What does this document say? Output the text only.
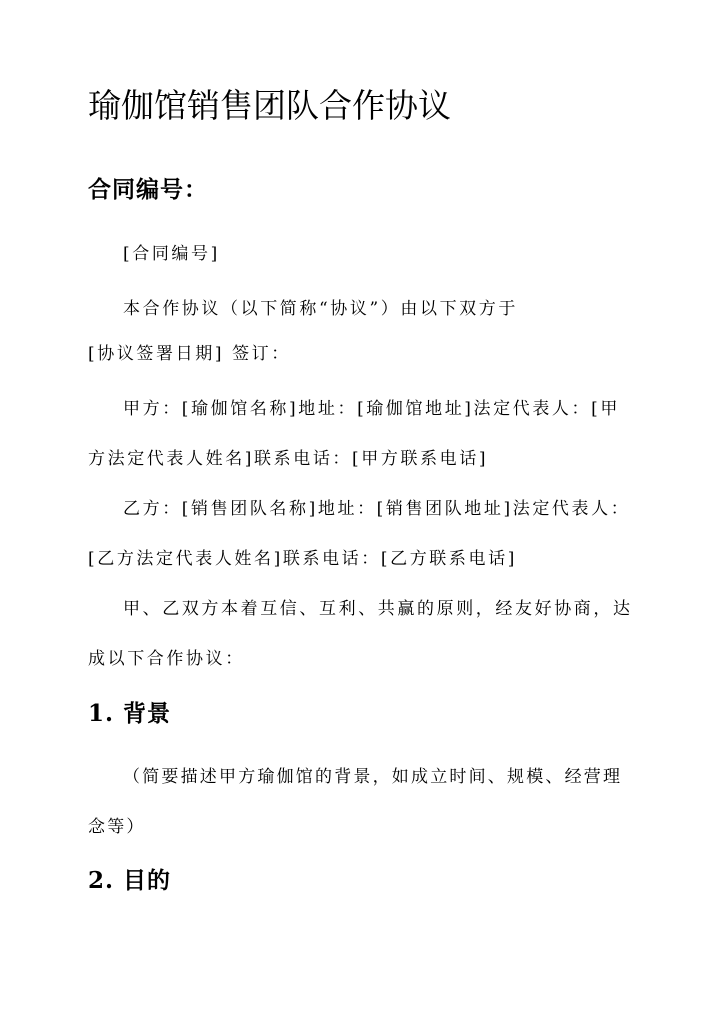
瑜伽馆销售团队合作协议
合同编号：
[合同编号]
本合作协议（以下简称“协议”）由以下双方于
[协议签署日期] 签订：
甲方：[瑜伽馆名称]地址：[瑜伽馆地址]法定代表人：[甲方法定代表人姓名]联系电话：[甲方联系电话]
乙方：[销售团队名称]地址：[销售团队地址]法定代表人：[乙方法定代表人姓名]联系电话：[乙方联系电话]
甲、乙双方本着互信、互利、共赢的原则，经友好协商，达成以下合作协议：
1. 背景
（简要描述甲方瑜伽馆的背景，如成立时间、规模、经营理念等）
2. 目的
